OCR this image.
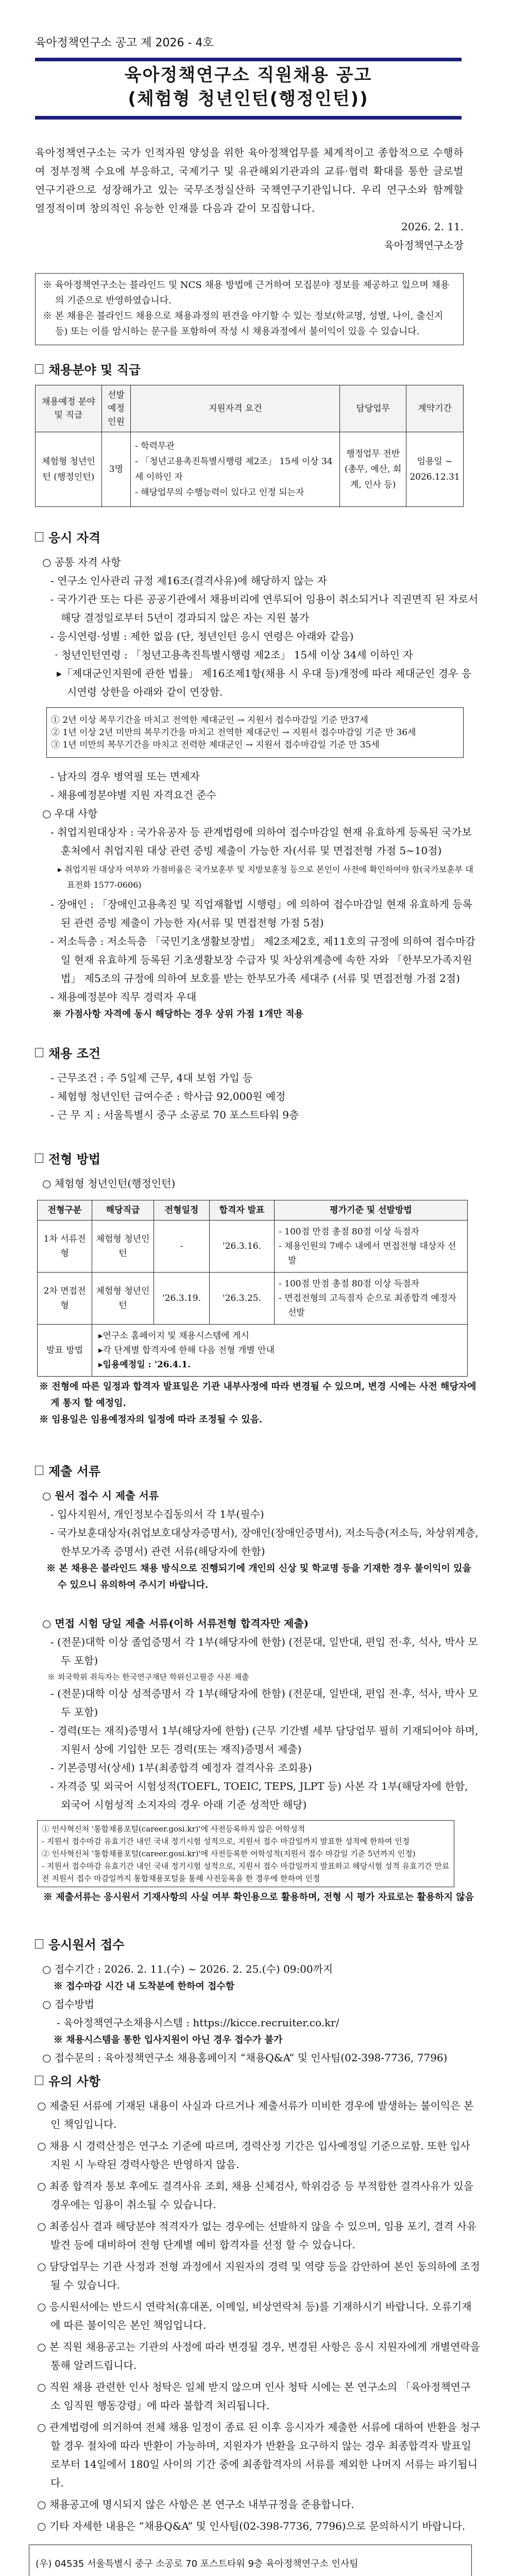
육아정책연구소 공고 제 2026 - 4호
육아정책연구소 직원채용 공고
(체험형 청년인턴(행정인턴))

육아정책연구소는 국가 인적자원 양성을 위한 육아정책업무를 체계적이고 종합적으로 수행하여 정부정책 수요에 부응하고, 국제기구 및 유관해외기관과의 교류·협력 확대를 통한 글로벌 연구기관으로 성장해가고 있는 국무조정실산하 국책연구기관입니다. 우리 연구소와 함께할 열정적이며 창의적인 유능한 인재를 다음과 같이 모집합니다.

2026. 2. 11.
육아정책연구소장
※ 육아정책연구소는 블라인드 및 NCS 채용 방법에 근거하여 모집분야 정보를 제공하고 있으며 채용의 기준으로 반영하였습니다.
※ 본 채용은 블라인드 채용으로 채용과정의 편견을 야기할 수 있는 정보(학교명, 성별, 나이, 출신지 등) 또는 이를 암시하는 문구를 포함하여 작성 시 채용과정에서 불이익이 있을 수 있습니다.
채용분야 및 직급
채용예정 분야 및 직급	선발 예정 인원	지원자격 요건	담당업무	계약기간
체험형 청년인턴 (행정인턴)	3명	- 학력무관
- 「청년고용촉진특별시행령 제2조」 15세 이상 34세 이하인 자
- 해당업무의 수행능력이 있다고 인정 되는자	행정업무 전반 (총무, 예산, 회계, 인사 등)	임용일 ~ 2026.12.31
응시 자격
○ 공통 자격 사항
- 연구소 인사관리 규정 제16조(결격사유)에 해당하지 않는 자
- 국가기관 또는 다른 공공기관에서 채용비리에 연루되어 임용이 취소되거나 직권면직 된 자로서 해당 결정일로부터 5년이 경과되지 않은 자는 지원 불가
- 응시연령·성별 : 제한 없음 (단, 청년인턴 응시 연령은 아래와 같음)
· 청년인턴연령 : 「청년고용촉진특별시행령 제2조」 15세 이상 34세 이하인 자
▸「제대군인지원에 관한 법률」 제16조제1항(채용 시 우대 등)개정에 따라 제대군인 경우 응시연령 상한을 아래와 같이 연장함.
① 2년 이상 복무기간을 마치고 전역한 제대군인 → 지원서 접수마감일 기준 만37세
② 1년 이상 2년 미만의 복무기간을 마치고 전역한 제대군인 → 지원서 접수마감일 기준 만 36세
③ 1년 미만의 복무기간을 마치고 전력한 제대군인 → 지원서 접수마감일 기준 만 35세
- 남자의 경우 병역필 또는 면제자
- 채용예정분야별 지원 자격요건 준수
○ 우대 사항
- 취업지원대상자 : 국가유공자 등 관계법령에 의하여 접수마감일 현재 유효하게 등록된 국가보훈처에서 취업지원 대상 관련 증빙 제출이 가능한 자(서류 및 면접전형 가점 5~10점)
▸ 취업지원 대상자 여부와 가점비율은 국가보훈부 및 지방보훈청 등으로 본인이 사전에 확인하여야 함(국가보훈부 대표전화 1577-0606)
- 장애인 : 「장애인고용촉진 및 직업재활법 시행령」에 의하여 접수마감일 현재 유효하게 등록된 관련 증빙 제출이 가능한 자(서류 및 면접전형 가점 5점)
- 저소득층 : 저소득층 「국민기초생활보장법」 제2조제2호, 제11호의 규정에 의하여 접수마감일 현재 유효하게 등록된 기초생활보장 수급자 및 차상위계층에 속한 자와 「한부모가족지원법」 제5조의 규정에 의하여 보호를 받는 한부모가족 세대주 (서류 및 면접전형 가점 2점)
- 채용예정분야 직무 경력자 우대
※ 가점사항 자격에 동시 해당하는 경우 상위 가점 1개만 적용
채용 조건
- 근무조건 : 주 5일제 근무, 4대 보험 가입 등
- 체험형 청년인턴 급여수준 : 학사급 92,000원 예정
- 근 무 지 : 서울특별시 중구 소공로 70 포스트타워 9층
전형 방법
○ 체험형 청년인턴(행정인턴)
전형구분	해당직급	전형일정	합격자 발표	평가기준 및 선발방법
1차 서류전형	체험형 청년인턴	-	'26.3.16.	- 100점 만점 총점 80점 이상 득점자
- 채용인원의 7배수 내에서 면접전형 대상자 선발

2차 면접전형	체험형 청년인턴	'26.3.19.	'26.3.25.	- 100점 만점 총점 80점 이상 득점자
- 면접전형의 고득점자 순으로 최종합격 예정자 선발

발표 방법	▸연구소 홈페이지 및 채용시스템에 게시
▸각 단계별 합격자에 한해 다음 전형 개별 안내
▸임용예정일 : '26.4.1.			
※ 전형에 따른 일정과 합격자 발표일은 기관 내부사정에 따라 변경될 수 있으며, 변경 시에는 사전 해당자에게 통지 할 예정임.
※ 임용일은 임용예정자의 일정에 따라 조정될 수 있음.
제출 서류
○ 원서 접수 시 제출 서류
- 입사지원서, 개인정보수집동의서 각 1부(필수)
- 국가보훈대상자(취업보호대상자증명서), 장애인(장애인증명서), 저소득층(저소득, 차상위계층, 한부모가족 증명서) 관련 서류(해당자에 한함)
※ 본 채용은 블라인드 채용 방식으로 진행되기에 개인의 신상 및 학교명 등을 기재한 경우 불이익이 있을 수 있으니 유의하여 주시기 바랍니다.
○ 면접 시험 당일 제출 서류(이하 서류전형 합격자만 제출)
- (전문)대학 이상 졸업증명서 각 1부(해당자에 한함) (전문대, 일반대, 편입 전·후, 석사, 박사 모두 포함)
※ 외국학위 취득자는 한국연구재단 학위신고필증 사본 제출
- (전문)대학 이상 성적증명서 각 1부(해당자에 한함) (전문대, 일반대, 편입 전·후, 석사, 박사 모두 포함)
- 경력(또는 재직)증명서 1부(해당자에 한함) (근무 기간별 세부 담당업무 필히 기재되어야 하며, 지원서 상에 기입한 모든 경력(또는 재직)증명서 제출)
- 기본증명서(상세) 1부(최종합격 예정자 결격사유 조회용)
- 자격증 및 외국어 시험성적(TOEFL, TOEIC, TEPS, JLPT 등) 사본 각 1부(해당자에 한함, 외국어 시험성적 소지자의 경우 아래 기준 성적만 해당)
① 인사혁신처 '통합채용포털(career.gosi.kr)'에 사전등록하지 않은 어학성적
- 지원서 접수마감 유효기간 내인 국내 정기시험 성적으로, 지원서 접수 마감일까지 발표한 성적에 한하여 인정
② 인사혁신처 '통합채용포털(career.gosi.kr)'에 사전등록한 어학성적(지원서 접수 마감일 기준 5년까지 인정)
- 지원서 접수마감 유효기간 내인 국내 정기시험 성적으로, 지원서 접수 마감일까지 발표하고 해당시험 성적 유효기간 만료 전 지원서 접수 마감일까지 통합채용포털을 통해 사전등록을 한 경우에 한하여 인정
※ 제출서류는 응시원서 기재사항의 사실 여부 확인용으로 활용하며, 전형 시 평가 자료로는 활용하지 않음
응시원서 접수
○ 접수기간 : 2026. 2. 11.(수) ~ 2026. 2. 25.(수) 09:00까지
※ 접수마감 시간 내 도착분에 한하여 접수함
○ 접수방법
- 육아정책연구소채용시스템 : https://kicce.recruiter.co.kr/
※ 채용시스템을 통한 입사지원이 아닌 경우 접수가 불가
○ 접수문의 : 육아정책연구소 채용홈페이지 “채용Q&A” 및 인사팀(02-398-7736, 7796)
유의 사항
○ 제출된 서류에 기재된 내용이 사실과 다르거나 제출서류가 미비한 경우에 발생하는 불이익은 본인 책임입니다.
○ 채용 시 경력산정은 연구소 기준에 따르며, 경력산정 기간은 입사예정일 기준으로함. 또한 입사 지원 시 누락된 경력사항은 반영하지 않음.
○ 최종 합격자 통보 후에도 결격사유 조회, 채용 신체검사, 학위검증 등 부적합한 결격사유가 있을 경우에는 임용이 취소될 수 있습니다.
○ 최종심사 결과 해당분야 적격자가 없는 경우에는 선발하지 않을 수 있으며, 임용 포기, 결격 사유 발견 등에 대비하여 전형 단계별 예비 합격자를 선정 할 수 있습니다.
○ 담당업무는 기관 사정과 전형 과정에서 지원자의 경력 및 역량 등을 감안하여 본인 동의하에 조정될 수 있습니다.
○ 응시원서에는 반드시 연락처(휴대폰, 이메일, 비상연락처 등)를 기재하시기 바랍니다. 오류기재에 따른 불이익은 본인 책임입니다.
○ 본 직원 채용공고는 기관의 사정에 따라 변경될 경우, 변경된 사항은 응시 지원자에게 개별연락을 통해 알려드립니다.
○ 직원 채용 관련한 인사 청탁은 일체 받지 않으며 인사 청탁 시에는 본 연구소의 「육아정책연구소 임직원 행동강령」에 따라 불합격 처리됩니다.
○ 관계법령에 의거하여 전체 채용 일정이 종료 된 이후 응시자가 제출한 서류에 대하여 반환을 청구할 경우 절차에 따라 반환이 가능하며, 지원자가 반환을 요구하지 않는 경우 최종합격자 발표일로부터 14일에서 180일 사이의 기간 중에 최종합격자의 서류를 제외한 나머지 서류는 파기됩니다.
○ 채용공고에 명시되지 않은 사항은 본 연구소 내부규정을 준용합니다.
○ 기타 자세한 내용은 “채용Q&A” 및 인사팀(02-398-7736, 7796)으로 문의하시기 바랍니다.
(우) 04535 서울특별시 중구 소공로 70 포스트타워 9층 육아정책연구소 인사팀
